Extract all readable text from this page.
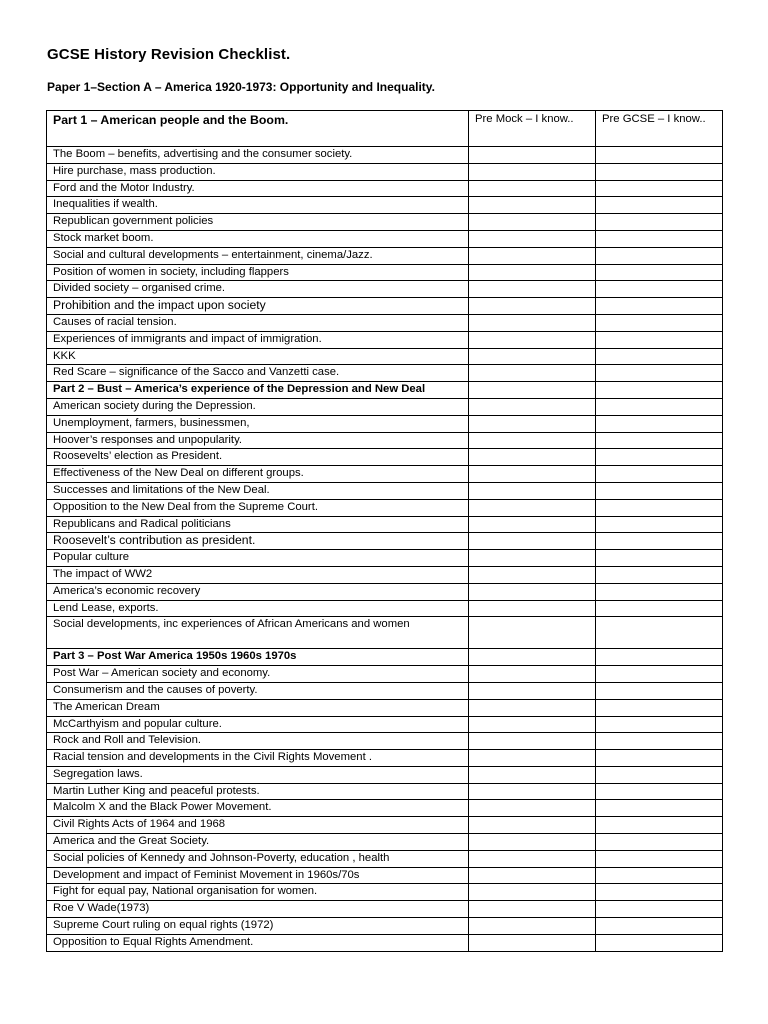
GCSE History Revision Checklist.
Paper 1–Section A – America 1920-1973: Opportunity and Inequality.
Part 1 – American people and the Boom.	Pre Mock – I know..	Pre GCSE – I know..
The Boom – benefits, advertising and the consumer society.		
Hire purchase, mass production.		
Ford and the Motor Industry.		
Inequalities if wealth.		
Republican government policies		
Stock market boom.		
Social and cultural developments – entertainment, cinema/Jazz.		
Position of women in society, including flappers		
Divided society – organised crime.		
Prohibition and the impact upon society		
Causes of racial tension.		
Experiences of immigrants and impact of immigration.		
KKK		
Red Scare – significance of the Sacco and Vanzetti case.		
Part 2 – Bust – America’s experience of the Depression and New Deal		
American society during the Depression.		
Unemployment, farmers, businessmen,		
Hoover’s responses and unpopularity.		
Roosevelts’ election as President.		
Effectiveness of the New Deal on different groups.		
Successes and limitations of the New Deal.		
Opposition to the New Deal from the Supreme Court.		
Republicans and Radical politicians		
Roosevelt’s contribution as president.		
Popular culture		
The impact of WW2		
America’s economic recovery		
Lend Lease, exports.		
Social developments, inc experiences of African Americans and women		
Part 3 – Post War America 1950s 1960s 1970s		
Post War – American society and economy.		
Consumerism and the causes of poverty.		
The American Dream		
McCarthyism and popular culture.		
Rock and Roll and Television.		
Racial tension and developments in the Civil Rights Movement .		
Segregation laws.		
Martin Luther King and peaceful protests.		
Malcolm X and the Black Power Movement.		
Civil Rights Acts of 1964 and 1968		
America and the Great Society.		
Social policies of Kennedy and Johnson-Poverty, education , health		
Development and impact of Feminist Movement in 1960s/70s		
Fight for equal pay, National organisation for women.		
Roe V Wade(1973)		
Supreme Court ruling on equal rights (1972)		
Opposition to Equal Rights Amendment.		
